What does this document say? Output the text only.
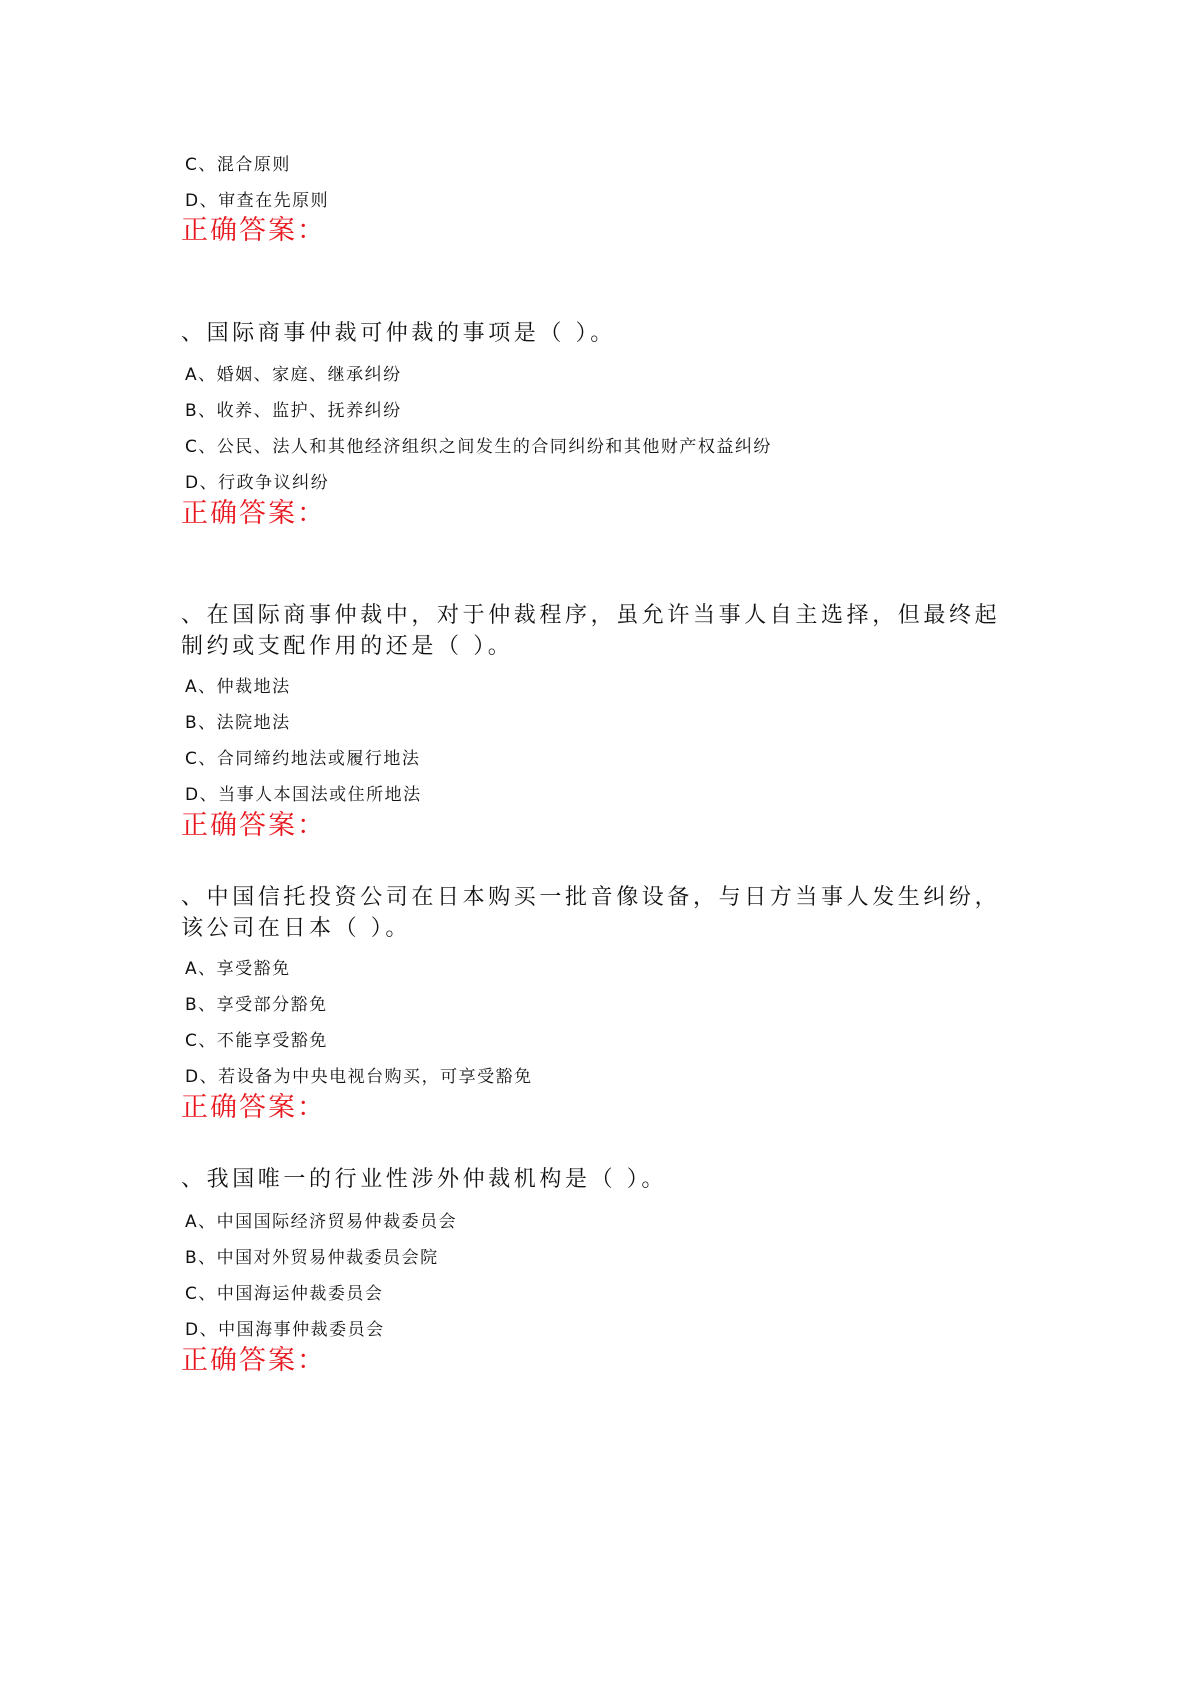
C、混合原则
D、审查在先原则
正确答案：
、国际商事仲裁可仲裁的事项是（ ）。
A、婚姻、家庭、继承纠纷
B、收养、监护、抚养纠纷
C、公民、法人和其他经济组织之间发生的合同纠纷和其他财产权益纠纷
D、行政争议纠纷
正确答案：
、在国际商事仲裁中，对于仲裁程序，虽允许当事人自主选择，但最终起
制约或支配作用的还是（ ）。
A、仲裁地法
B、法院地法
C、合同缔约地法或履行地法
D、当事人本国法或住所地法
正确答案：
、中国信托投资公司在日本购买一批音像设备，与日方当事人发生纠纷，
该公司在日本（ ）。
A、享受豁免
B、享受部分豁免
C、不能享受豁免
D、若设备为中央电视台购买，可享受豁免
正确答案：
、我国唯一的行业性涉外仲裁机构是（ ）。
A、中国国际经济贸易仲裁委员会
B、中国对外贸易仲裁委员会院
C、中国海运仲裁委员会
D、中国海事仲裁委员会
正确答案：
